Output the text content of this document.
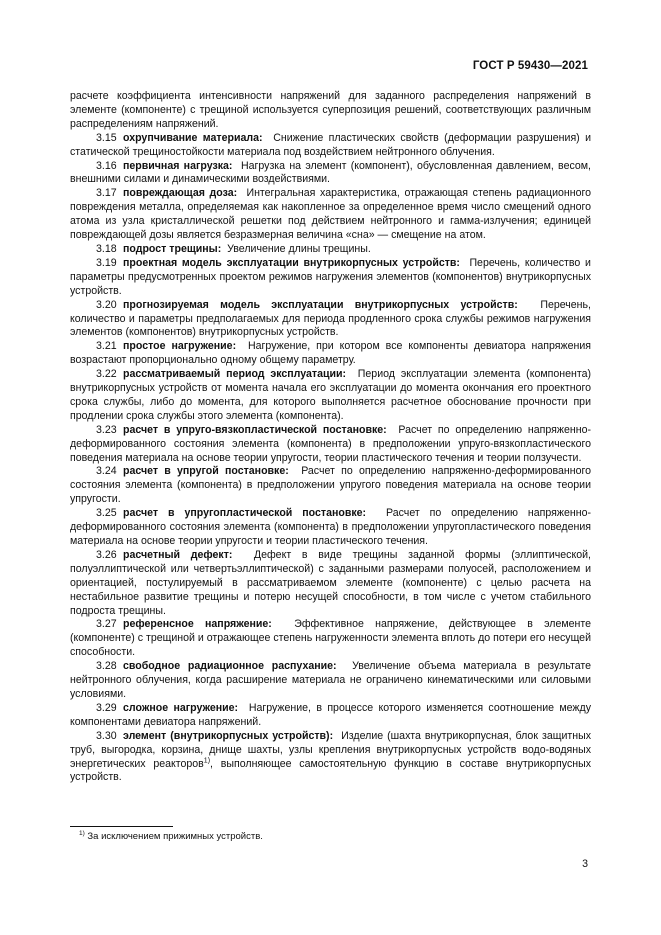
ГОСТ Р 59430—2021

расчете коэффициента интенсивности напряжений для заданного распределения напряжений в элементе (компоненте) с трещиной используется суперпозиция решений, соответствующих различным распределениям напряжений.

3.15 охрупчивание материала: Снижение пластических свойств (деформации разрушения) и статической трещиностойкости материала под воздействием нейтронного облучения.

3.16 первичная нагрузка: Нагрузка на элемент (компонент), обусловленная давлением, весом, внешними силами и динамическими воздействиями.

3.17 повреждающая доза: Интегральная характеристика, отражающая степень радиационного повреждения металла, определяемая как накопленное за определенное время число смещений одного атома из узла кристаллической решетки под действием нейтронного и гамма-излучения; единицей повреждающей дозы является безразмерная величина «сна» — смещение на атом.

3.18 подрост трещины: Увеличение длины трещины.

3.19 проектная модель эксплуатации внутрикорпусных устройств: Перечень, количество и параметры предусмотренных проектом режимов нагружения элементов (компонентов) внутрикорпусных устройств.

3.20 прогнозируемая модель эксплуатации внутрикорпусных устройств: Перечень, количество и параметры предполагаемых для периода продленного срока службы режимов нагружения элементов (компонентов) внутрикорпусных устройств.

3.21 простое нагружение: Нагружение, при котором все компоненты девиатора напряжения возрастают пропорционально одному общему параметру.

3.22 рассматриваемый период эксплуатации: Период эксплуатации элемента (компонента) внутрикорпусных устройств от момента начала его эксплуатации до момента окончания его проектного срока службы, либо до момента, для которого выполняется расчетное обоснование прочности при продлении срока службы этого элемента (компонента).

3.23 расчет в упруго-вязкопластической постановке: Расчет по определению напряженно-деформированного состояния элемента (компонента) в предположении упруго-вязкопластического поведения материала на основе теории упругости, теории пластического течения и теории ползучести.

3.24 расчет в упругой постановке: Расчет по определению напряженно-деформированного состояния элемента (компонента) в предположении упругого поведения материала на основе теории упругости.

3.25 расчет в упругопластической постановке: Расчет по определению напряженно-деформированного состояния элемента (компонента) в предположении упругопластического поведения материала на основе теории упругости и теории пластического течения.

3.26 расчетный дефект: Дефект в виде трещины заданной формы (эллиптической, полуэллиптической или четвертьэллиптической) с заданными размерами полуосей, расположением и ориентацией, постулируемый в рассматриваемом элементе (компоненте) с целью расчета на нестабильное развитие трещины и потерю несущей способности, в том числе с учетом стабильного подроста трещины.

3.27 референсное напряжение: Эффективное напряжение, действующее в элементе (компоненте) с трещиной и отражающее степень нагруженности элемента вплоть до потери его несущей способности.

3.28 свободное радиационное распухание: Увеличение объема материала в результате нейтронного облучения, когда расширение материала не ограничено кинематическими или силовыми условиями.

3.29 сложное нагружение: Нагружение, в процессе которого изменяется соотношение между компонентами девиатора напряжений.

3.30 элемент (внутрикорпусных устройств): Изделие (шахта внутрикорпусная, блок защитных труб, выгородка, корзина, днище шахты, узлы крепления внутрикорпусных устройств водо-водяных энергетических реакторов$^{1)}$, выполняющее самостоятельную функцию в составе внутрикорпусных устройств.

$^{1)}$ За исключением прижимных устройств.
3
